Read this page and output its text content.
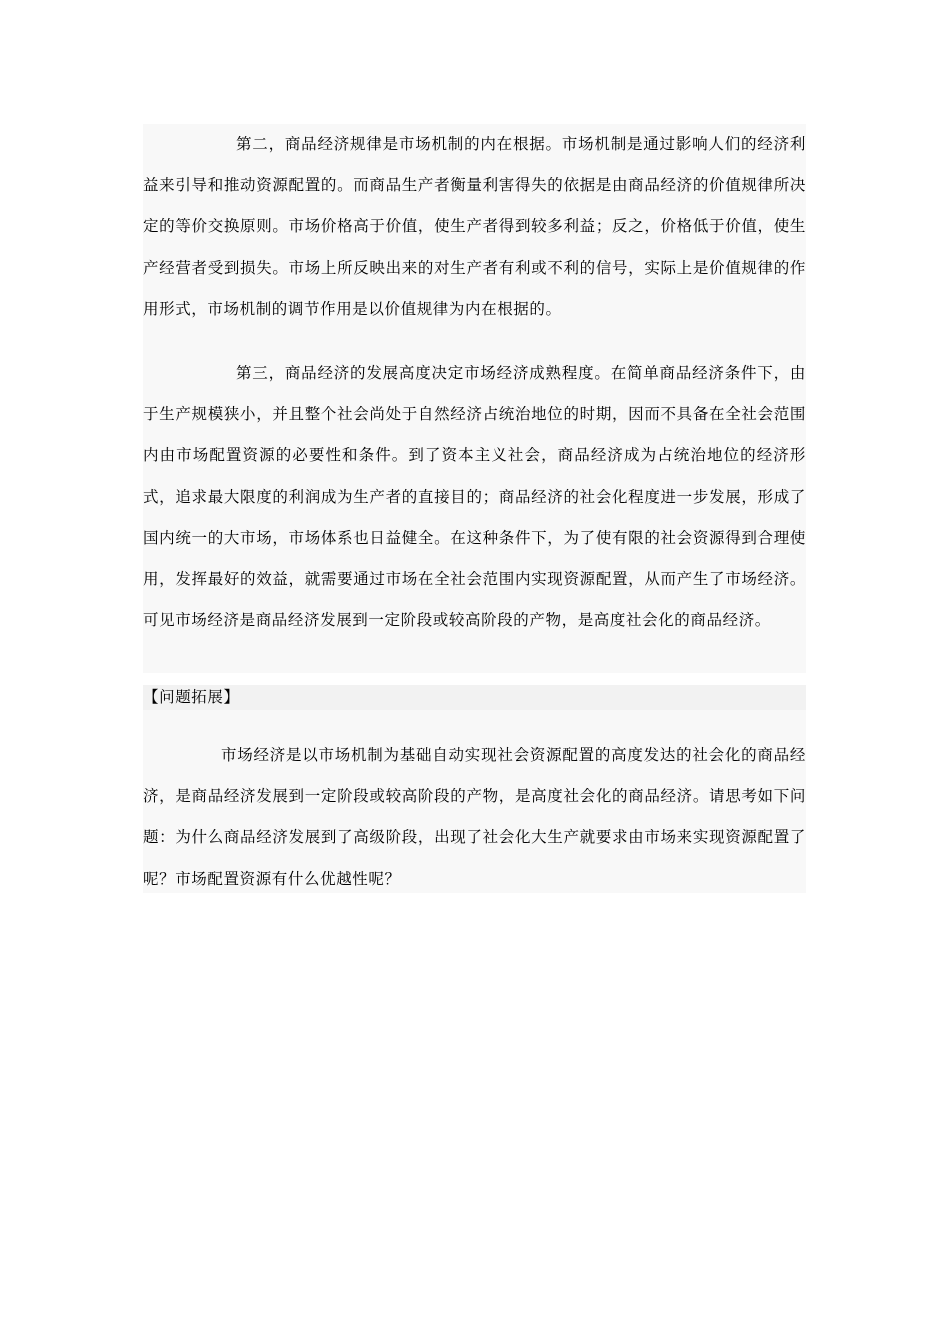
第二，商品经济规律是市场机制的内在根据。市场机制是通过影响人们的经济利益来引导和推动资源配置的。而商品生产者衡量利害得失的依据是由商品经济的价值规律所决定的等价交换原则。市场价格高于价值，使生产者得到较多利益；反之，价格低于价值，使生产经营者受到损失。市场上所反映出来的对生产者有利或不利的信号，实际上是价值规律的作用形式，市场机制的调节作用是以价值规律为内在根据的。

第三，商品经济的发展高度决定市场经济成熟程度。在简单商品经济条件下，由于生产规模狭小，并且整个社会尚处于自然经济占统治地位的时期，因而不具备在全社会范围内由市场配置资源的必要性和条件。到了资本主义社会，商品经济成为占统治地位的经济形式，追求最大限度的利润成为生产者的直接目的；商品经济的社会化程度进一步发展，形成了国内统一的大市场，市场体系也日益健全。在这种条件下，为了使有限的社会资源得到合理使用，发挥最好的效益，就需要通过市场在全社会范围内实现资源配置，从而产生了市场经济。可见市场经济是商品经济发展到一定阶段或较高阶段的产物，是高度社会化的商品经济。

【问题拓展】

市场经济是以市场机制为基础自动实现社会资源配置的高度发达的社会化的商品经济，是商品经济发展到一定阶段或较高阶段的产物，是高度社会化的商品经济。请思考如下问题：为什么商品经济发展到了高级阶段，出现了社会化大生产就要求由市场来实现资源配置了呢？市场配置资源有什么优越性呢？
